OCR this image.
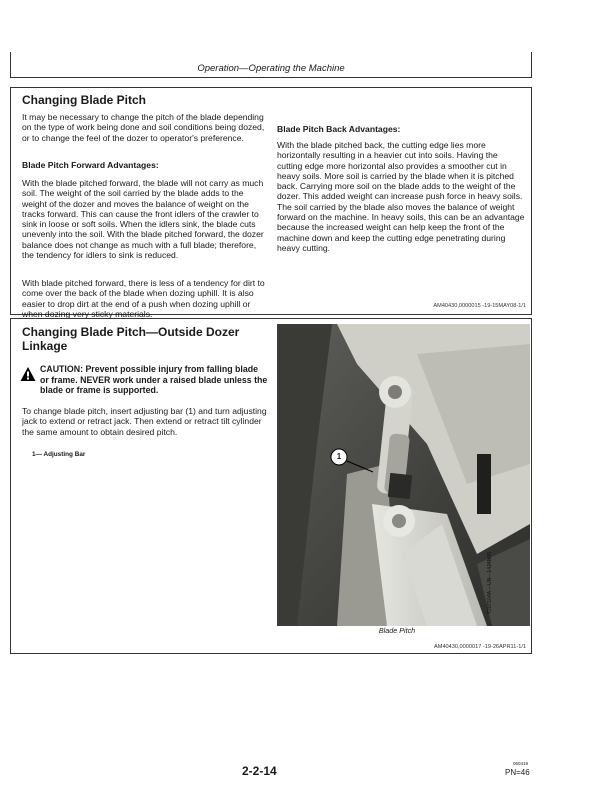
Operation—Operating the Machine
Changing Blade Pitch

It may be necessary to change the pitch of the blade depending on the type of work being done and soil conditions being dozed, or to change the feel of the dozer to operator's preference.

Blade Pitch Forward Advantages:

With the blade pitched forward, the blade will not carry as much soil. The weight of the soil carried by the blade adds to the weight of the dozer and moves the balance of weight on the tracks forward. This can cause the front idlers of the crawler to sink in loose or soft soils. When the idlers sink, the blade cuts unevenly into the soil. With the blade pitched forward, the dozer balance does not change as much with a full blade; therefore, the tendency for idlers to sink is reduced.

With blade pitched forward, there is less of a tendency for dirt to come over the back of the blade when dozing uphill. It is also easier to drop dirt at the end of a push when dozing uphill or when dozing very sticky materials.

Blade Pitch Back Advantages:

With the blade pitched back, the cutting edge lies more horizontally resulting in a heavier cut into soils. Having the cutting edge more horizontal also provides a smoother cut in heavy soils. More soil is carried by the blade when it is pitched back. Carrying more soil on the blade adds to the weight of the dozer. This added weight can increase push force in heavy soils. The soil carried by the blade also moves the balance of weight forward on the machine. In heavy soils, this can be an advantage because the increased weight can help keep the front of the machine down and keep the cutting edge penetrating during heavy cutting.

AM40430,0000015 -19-15MAY08-1/1
Changing Blade Pitch—Outside Dozer Linkage

CAUTION: Prevent possible injury from falling blade or frame. NEVER work under a raised blade unless the blade or frame is supported.

To change blade pitch, insert adjusting bar (1) and turn adjusting jack to extend or retract jack. Then extend or retract tilt cylinder the same amount to obtain desired pitch.

1— Adjusting Bar	1
T207104A —UN—14JAN05
Blade Pitch
AM40430,0000017 -19-26APR11-1/1
2-2-14
060419
PN=46
